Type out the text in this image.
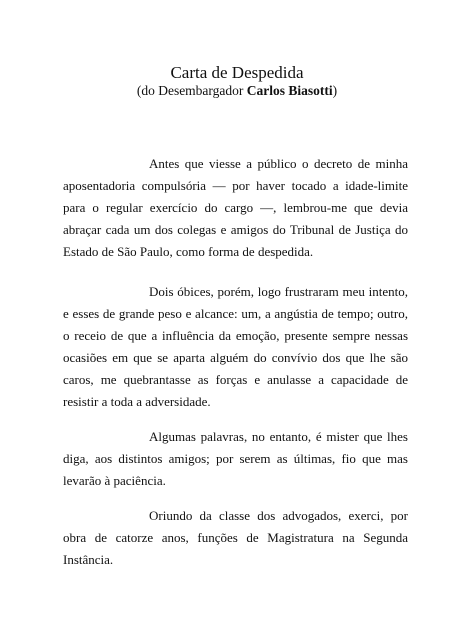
Carta de Despedida
(do Desembargador Carlos Biasotti)

Antes que viesse a público o decreto de minha aposentadoria compulsória — por haver tocado a idade-limite para o regular exercício do cargo —, lembrou-me que devia abraçar cada um dos colegas e amigos do Tribunal de Justiça do Estado de São Paulo, como forma de despedida.

Dois óbices, porém, logo frustraram meu intento, e esses de grande peso e alcance: um, a angústia de tempo; outro, o receio de que a influência da emoção, presente sempre nessas ocasiões em que se aparta alguém do convívio dos que lhe são caros, me quebrantasse as forças e anulasse a capacidade de resistir a toda a adversidade.

Algumas palavras, no entanto, é mister que lhes diga, aos distintos amigos; por serem as últimas, fio que mas levarão à paciência.

Oriundo da classe dos advogados, exerci, por obra de catorze anos, funções de Magistratura na Segunda Instância.
